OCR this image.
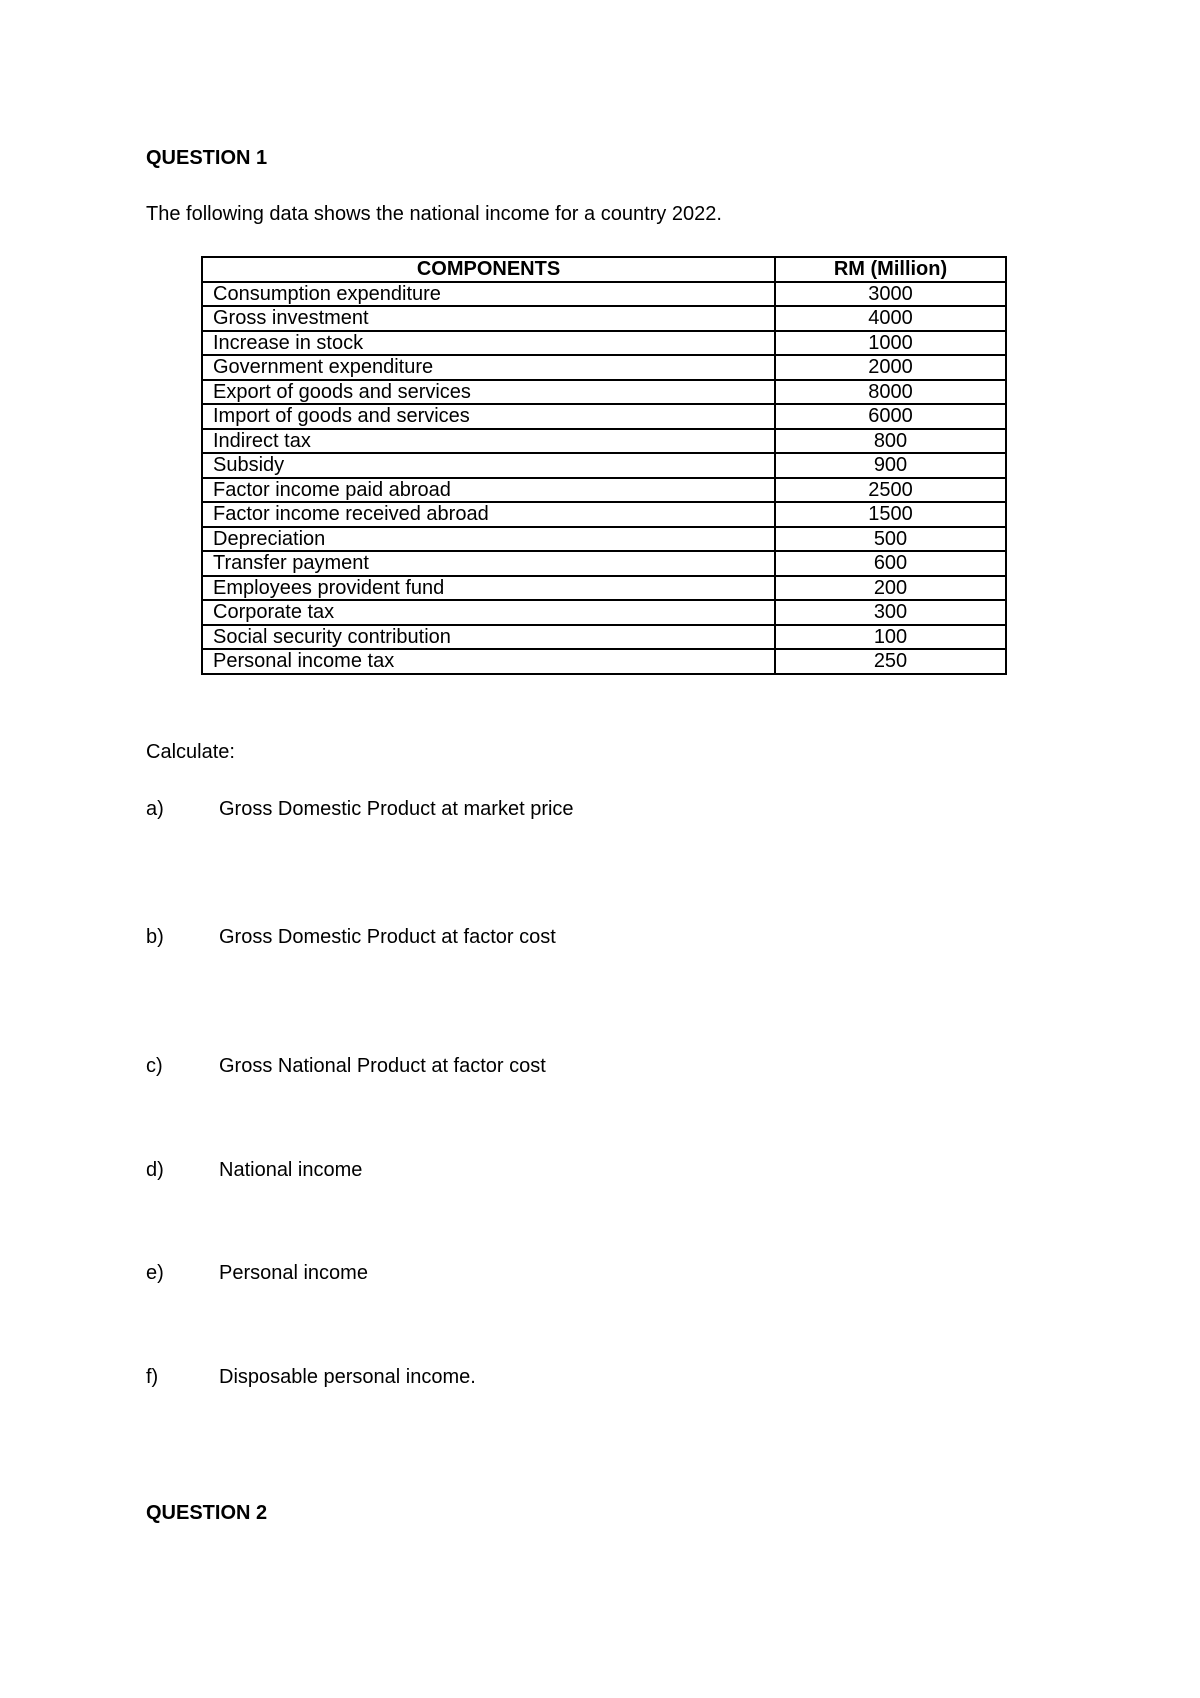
QUESTION 1

The following data shows the national income for a country 2022.

COMPONENTS	RM (Million)
Consumption expenditure	3000
Gross investment	4000
Increase in stock	1000
Government expenditure	2000
Export of goods and services	8000
Import of goods and services	6000
Indirect tax	800
Subsidy	900
Factor income paid abroad	2500
Factor income received abroad	1500
Depreciation	500
Transfer payment	600
Employees provident fund	200
Corporate tax	300
Social security contribution	100
Personal income tax	250

Calculate:

a)	Gross Domestic Product at market price

b)	Gross Domestic Product at factor cost

c)	Gross National Product at factor cost

d)	National income

e)	Personal income

f)	Disposable personal income.

QUESTION 2
